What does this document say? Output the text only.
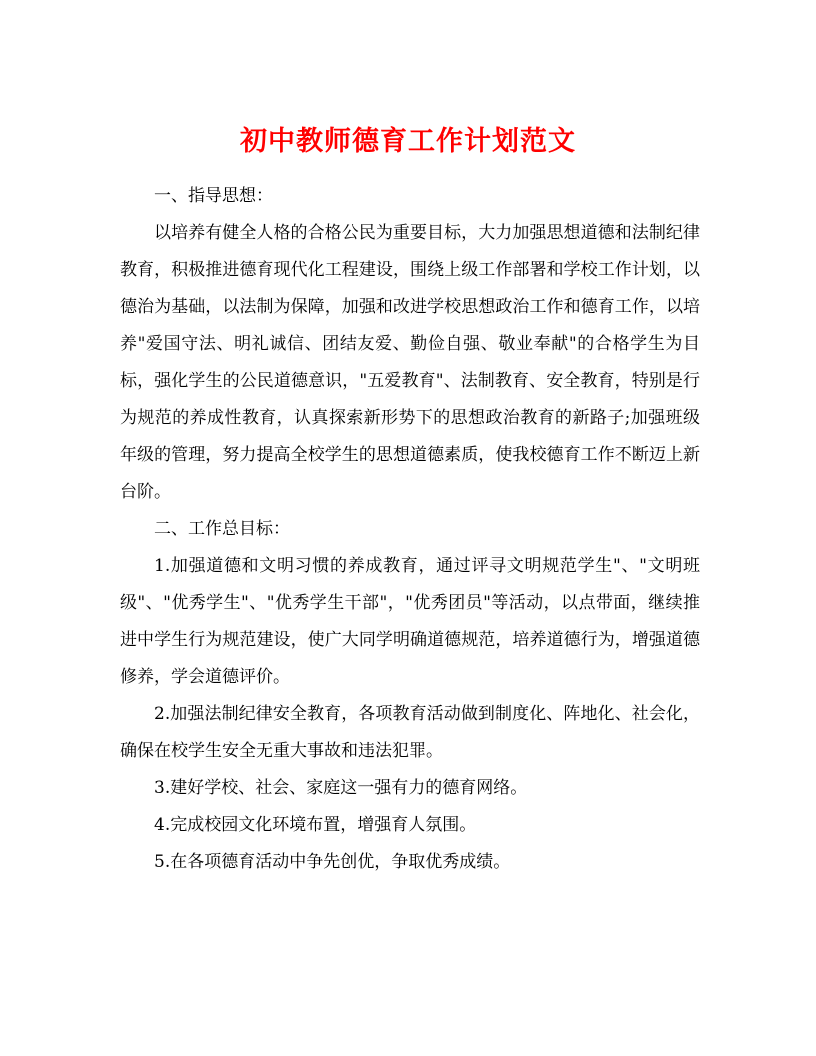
初中教师德育工作计划范文

一、指导思想：

以培养有健全人格的合格公民为重要目标，大力加强思想道德和法制纪律教育，积极推进德育现代化工程建设，围绕上级工作部署和学校工作计划，以德治为基础，以法制为保障，加强和改进学校思想政治工作和德育工作，以培养"爱国守法、明礼诚信、团结友爱、勤俭自强、敬业奉献"的合格学生为目标，强化学生的公民道德意识，"五爱教育"、法制教育、安全教育，特别是行为规范的养成性教育，认真探索新形势下的思想政治教育的新路子;加强班级年级的管理，努力提高全校学生的思想道德素质，使我校德育工作不断迈上新台阶。

二、工作总目标：

1.加强道德和文明习惯的养成教育，通过评寻文明规范学生"、"文明班级"、"优秀学生"、"优秀学生干部"，"优秀团员"等活动，以点带面，继续推进中学生行为规范建设，使广大同学明确道德规范，培养道德行为，增强道德修养，学会道德评价。

2.加强法制纪律安全教育，各项教育活动做到制度化、阵地化、社会化，确保在校学生安全无重大事故和违法犯罪。

3.建好学校、社会、家庭这一强有力的德育网络。

4.完成校园文化环境布置，增强育人氛围。

5.在各项德育活动中争先创优，争取优秀成绩。
